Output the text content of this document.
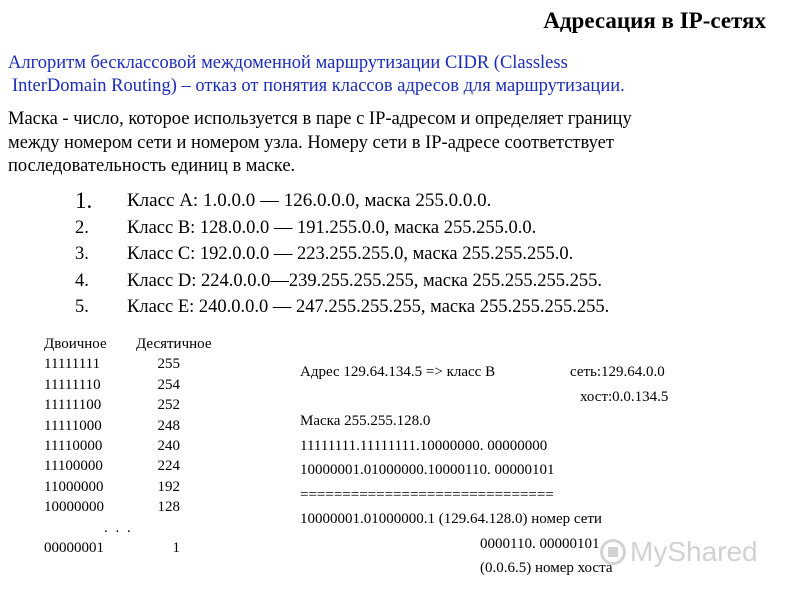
Адресация в IP-сетях
Алгоритм бесклассовой междоменной маршрутизации CIDR (Classless
InterDomain Routing) – отказ от понятия классов адресов для маршрутизации.
Маска - число, которое используется в паре с IP-адресом и определяет границу
между номером сети и номером узла. Номеру сети в IP-адресе соответствует
последовательность единиц в маске.
1.	Класс A: 1.0.0.0 — 126.0.0.0, маска 255.0.0.0.
2.	Класс B: 128.0.0.0 — 191.255.0.0, маска 255.255.0.0.
3.	Класс C: 192.0.0.0 — 223.255.255.0, маска 255.255.255.0.
4.	Класс D: 224.0.0.0—239.255.255.255, маска 255.255.255.255.
5.	Класс E: 240.0.0.0 — 247.255.255.255, маска 255.255.255.255.
Двоичное	Десятичное
11111111	255
11111110	254
11111100	252
11111000	248
11110000	240
11100000	224
11000000	192
10000000	128
. . .
00000001	1
Адрес 129.64.134.5 => класс B	сеть:129.64.0.0
хост:0.0.134.5
Маска 255.255.128.0
11111111.11111111.10000000. 00000000
10000001.01000000.10000110. 00000101
==============================
10000001.01000000.1 (129.64.128.0) номер сети
0000110. 00000101
(0.0.6.5) номер хоста
MyShared
